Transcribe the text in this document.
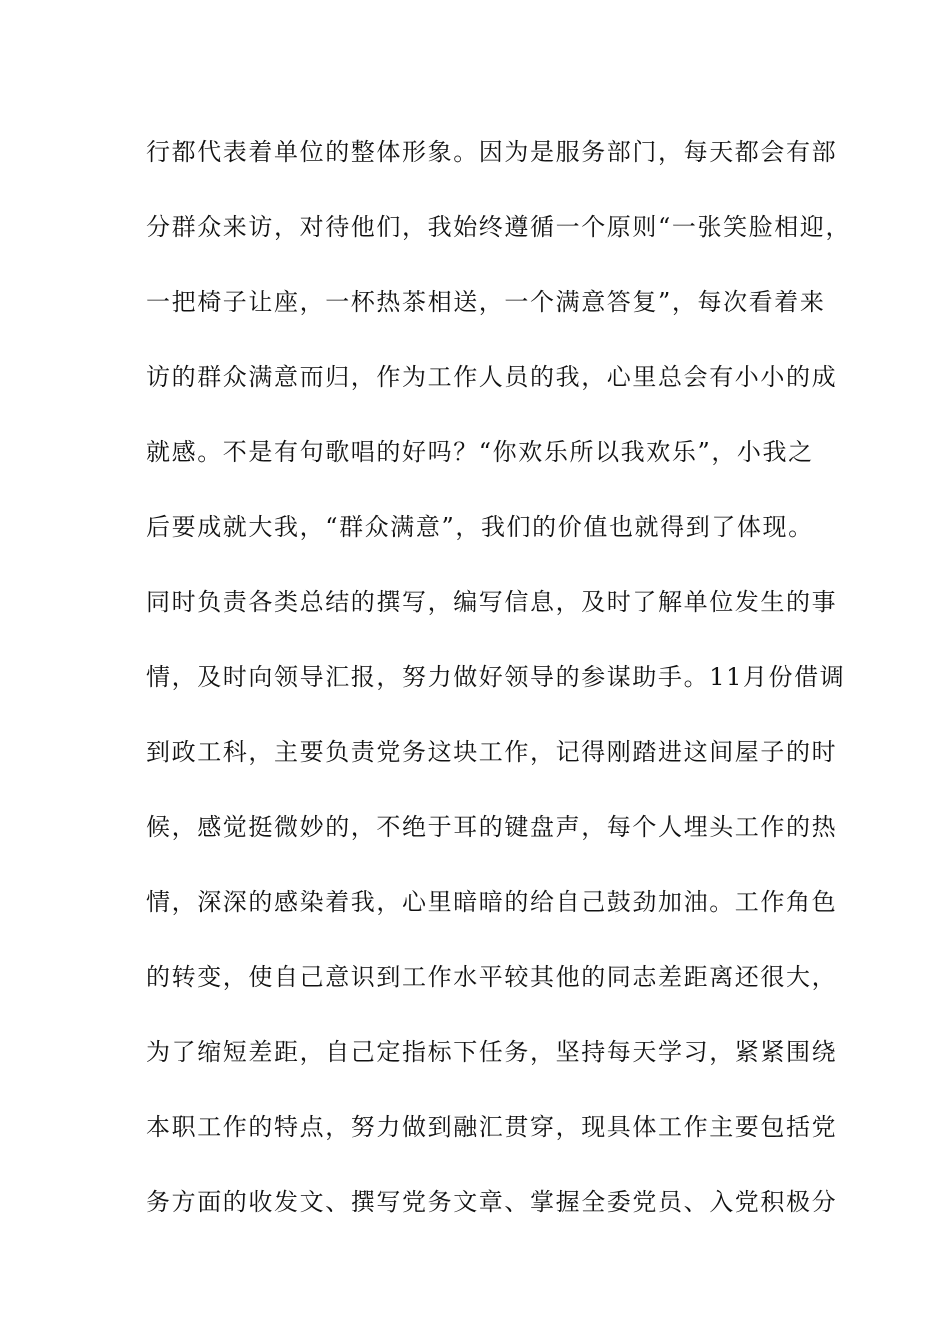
行都代表着单位的整体形象。因为是服务部门，每天都会有部
分群众来访，对待他们，我始终遵循一个原则“一张笑脸相迎，
一把椅子让座，一杯热茶相送，一个满意答复”，每次看着来
访的群众满意而归，作为工作人员的我，心里总会有小小的成
就感。不是有句歌唱的好吗？“你欢乐所以我欢乐”，小我之
后要成就大我，“群众满意”，我们的价值也就得到了体现。
同时负责各类总结的撰写，编写信息，及时了解单位发生的事
情，及时向领导汇报，努力做好领导的参谋助手。11月份借调
到政工科，主要负责党务这块工作，记得刚踏进这间屋子的时
候，感觉挺微妙的，不绝于耳的键盘声，每个人埋头工作的热
情，深深的感染着我，心里暗暗的给自己鼓劲加油。工作角色
的转变，使自己意识到工作水平较其他的同志差距离还很大，
为了缩短差距，自己定指标下任务，坚持每天学习，紧紧围绕
本职工作的特点，努力做到融汇贯穿，现具体工作主要包括党
务方面的收发文、撰写党务文章、掌握全委党员、入党积极分
